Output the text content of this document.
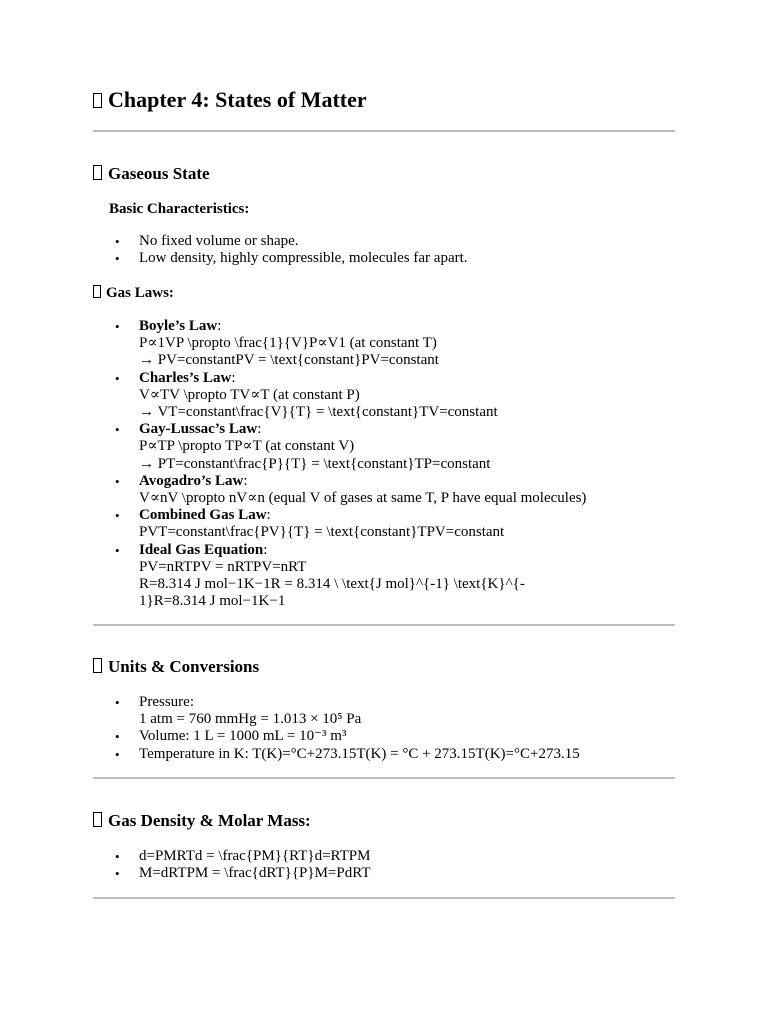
Chapter 4: States of Matter
Gaseous State
Basic Characteristics:
• No fixed volume or shape.
• Low density, highly compressible, molecules far apart.
Gas Laws:
• Boyle’s Law:
P∝1VP \propto \frac{1}{V}P∝V1 (at constant T)
→ PV=constantPV = \text{constant}PV=constant
• Charles’s Law:
V∝TV \propto TV∝T (at constant P)
→ VT=constant\frac{V}{T} = \text{constant}TV=constant
• Gay-Lussac’s Law:
P∝TP \propto TP∝T (at constant V)
→ PT=constant\frac{P}{T} = \text{constant}TP=constant
• Avogadro’s Law:
V∝nV \propto nV∝n (equal V of gases at same T, P have equal molecules)
• Combined Gas Law:
PVT=constant\frac{PV}{T} = \text{constant}TPV=constant
• Ideal Gas Equation:
PV=nRTPV = nRTPV=nRT
R=8.314 J mol−1K−1R = 8.314 \ \text{J mol}^{-1} \text{K}^{-
1}R=8.314 J mol−1K−1
Units & Conversions
• Pressure:
1 atm = 760 mmHg = 1.013 × 10⁵ Pa
• Volume: 1 L = 1000 mL = 10⁻³ m³
• Temperature in K: T(K)=°C+273.15T(K) = °C + 273.15T(K)=°C+273.15
Gas Density & Molar Mass:
• d=PMRTd = \frac{PM}{RT}d=RTPM
• M=dRTPM = \frac{dRT}{P}M=PdRT
